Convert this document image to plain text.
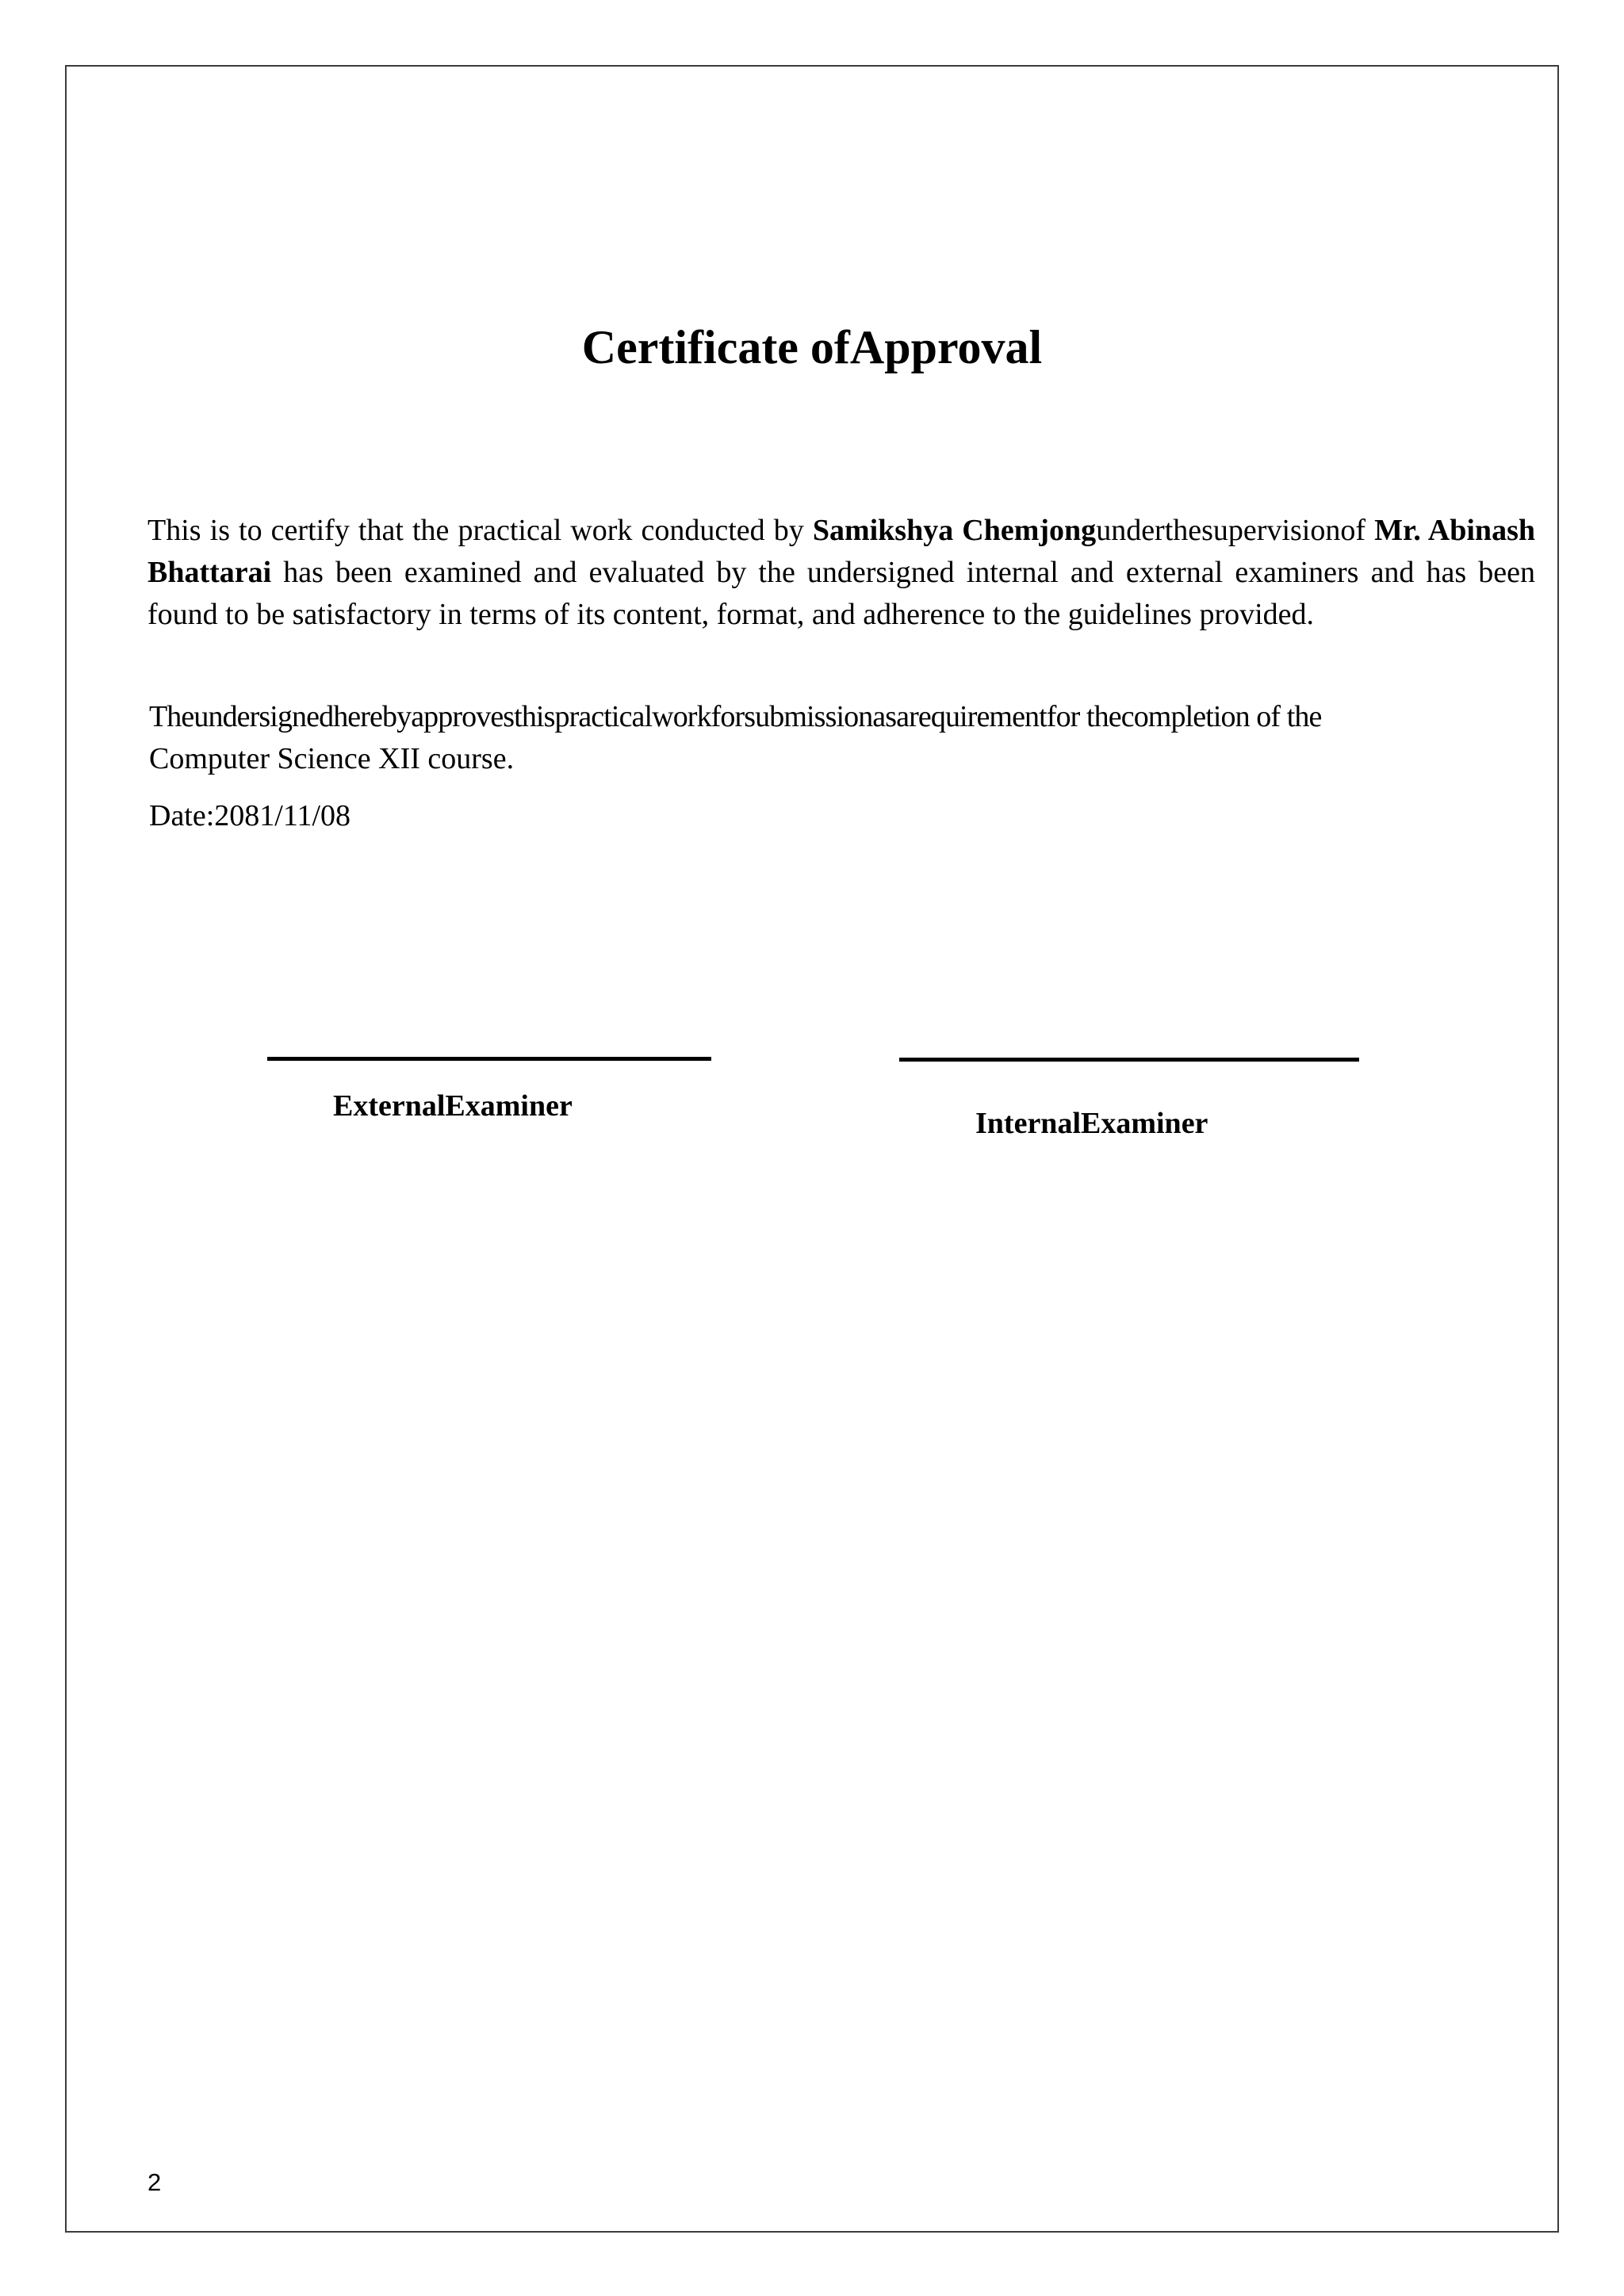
Certificate ofApproval

This is to certify that the practical work conducted by Samikshya Chemjongunderthesupervisionof Mr. Abinash Bhattarai has been examined and evaluated by the undersigned internal and external examiners and has been found to be satisfactory in terms of its content, format, and adherence to the guidelines provided.

Theundersignedherebyapprovesthispracticalworkforsubmissionasarequirementfor thecompletion of the
Computer Science XII course.

Date:2081/11/08

ExternalExaminer
InternalExaminer
2
